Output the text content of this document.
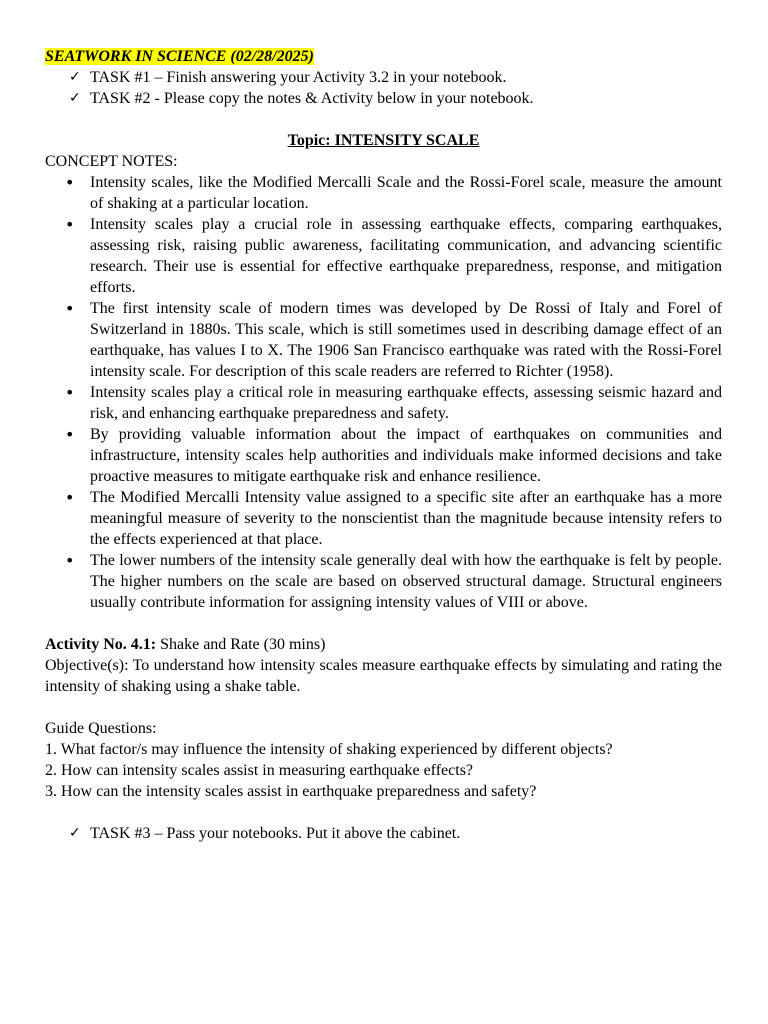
SEATWORK IN SCIENCE (02/28/2025)

✓ TASK #1 – Finish answering your Activity 3.2 in your notebook.
✓ TASK #2 - Please copy the notes & Activity below in your notebook.

Topic: INTENSITY SCALE

CONCEPT NOTES:

• Intensity scales, like the Modified Mercalli Scale and the Rossi-Forel scale, measure the amount of shaking at a particular location.
• Intensity scales play a crucial role in assessing earthquake effects, comparing earthquakes, assessing risk, raising public awareness, facilitating communication, and advancing scientific research. Their use is essential for effective earthquake preparedness, response, and mitigation efforts.
• The first intensity scale of modern times was developed by De Rossi of Italy and Forel of Switzerland in 1880s. This scale, which is still sometimes used in describing damage effect of an earthquake, has values I to X. The 1906 San Francisco earthquake was rated with the Rossi-Forel intensity scale. For description of this scale readers are referred to Richter (1958).
• Intensity scales play a critical role in measuring earthquake effects, assessing seismic hazard and risk, and enhancing earthquake preparedness and safety.
• By providing valuable information about the impact of earthquakes on communities and infrastructure, intensity scales help authorities and individuals make informed decisions and take proactive measures to mitigate earthquake risk and enhance resilience.
• The Modified Mercalli Intensity value assigned to a specific site after an earthquake has a more meaningful measure of severity to the nonscientist than the magnitude because intensity refers to the effects experienced at that place.
• The lower numbers of the intensity scale generally deal with how the earthquake is felt by people. The higher numbers on the scale are based on observed structural damage. Structural engineers usually contribute information for assigning intensity values of VIII or above.

Activity No. 4.1: Shake and Rate (30 mins)

Objective(s): To understand how intensity scales measure earthquake effects by simulating and rating the intensity of shaking using a shake table.

Guide Questions:

1. What factor/s may influence the intensity of shaking experienced by different objects?

2. How can intensity scales assist in measuring earthquake effects?

3. How can the intensity scales assist in earthquake preparedness and safety?

✓ TASK #3 – Pass your notebooks. Put it above the cabinet.
